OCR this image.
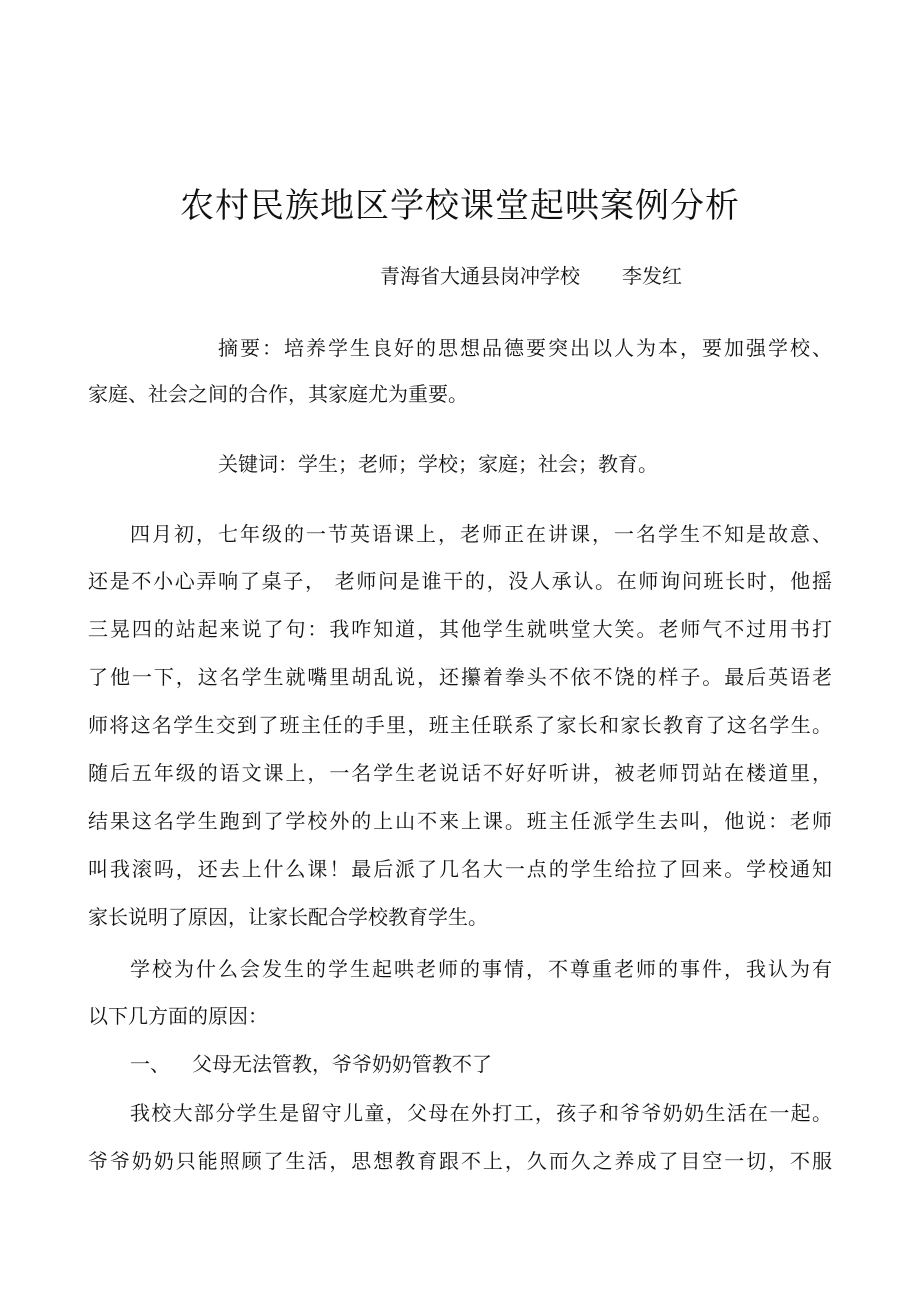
农村民族地区学校课堂起哄案例分析
青海省大通县岗冲学校 李发红
摘要：培养学生良好的思想品德要突出以人为本，要加强学校、
家庭、社会之间的合作，其家庭尤为重要。
关键词：学生；老师；学校；家庭；社会；教育。
四月初，七年级的一节英语课上，老师正在讲课，一名学生不知是故意、
还是不小心弄响了桌子， 老师问是谁干的，没人承认。在师询问班长时，他摇
三晃四的站起来说了句：我咋知道，其他学生就哄堂大笑。老师气不过用书打
了他一下，这名学生就嘴里胡乱说，还攥着拳头不依不饶的样子。最后英语老
师将这名学生交到了班主任的手里，班主任联系了家长和家长教育了这名学生。
随后五年级的语文课上，一名学生老说话不好好听讲，被老师罚站在楼道里，
结果这名学生跑到了学校外的上山不来上课。班主任派学生去叫，他说：老师
叫我滚吗，还去上什么课！最后派了几名大一点的学生给拉了回来。学校通知
家长说明了原因，让家长配合学校教育学生。
学校为什么会发生的学生起哄老师的事情，不尊重老师的事件，我认为有
以下几方面的原因：
一、 父母无法管教，爷爷奶奶管教不了
我校大部分学生是留守儿童，父母在外打工，孩子和爷爷奶奶生活在一起。
爷爷奶奶只能照顾了生活，思想教育跟不上，久而久之养成了目空一切，不服
